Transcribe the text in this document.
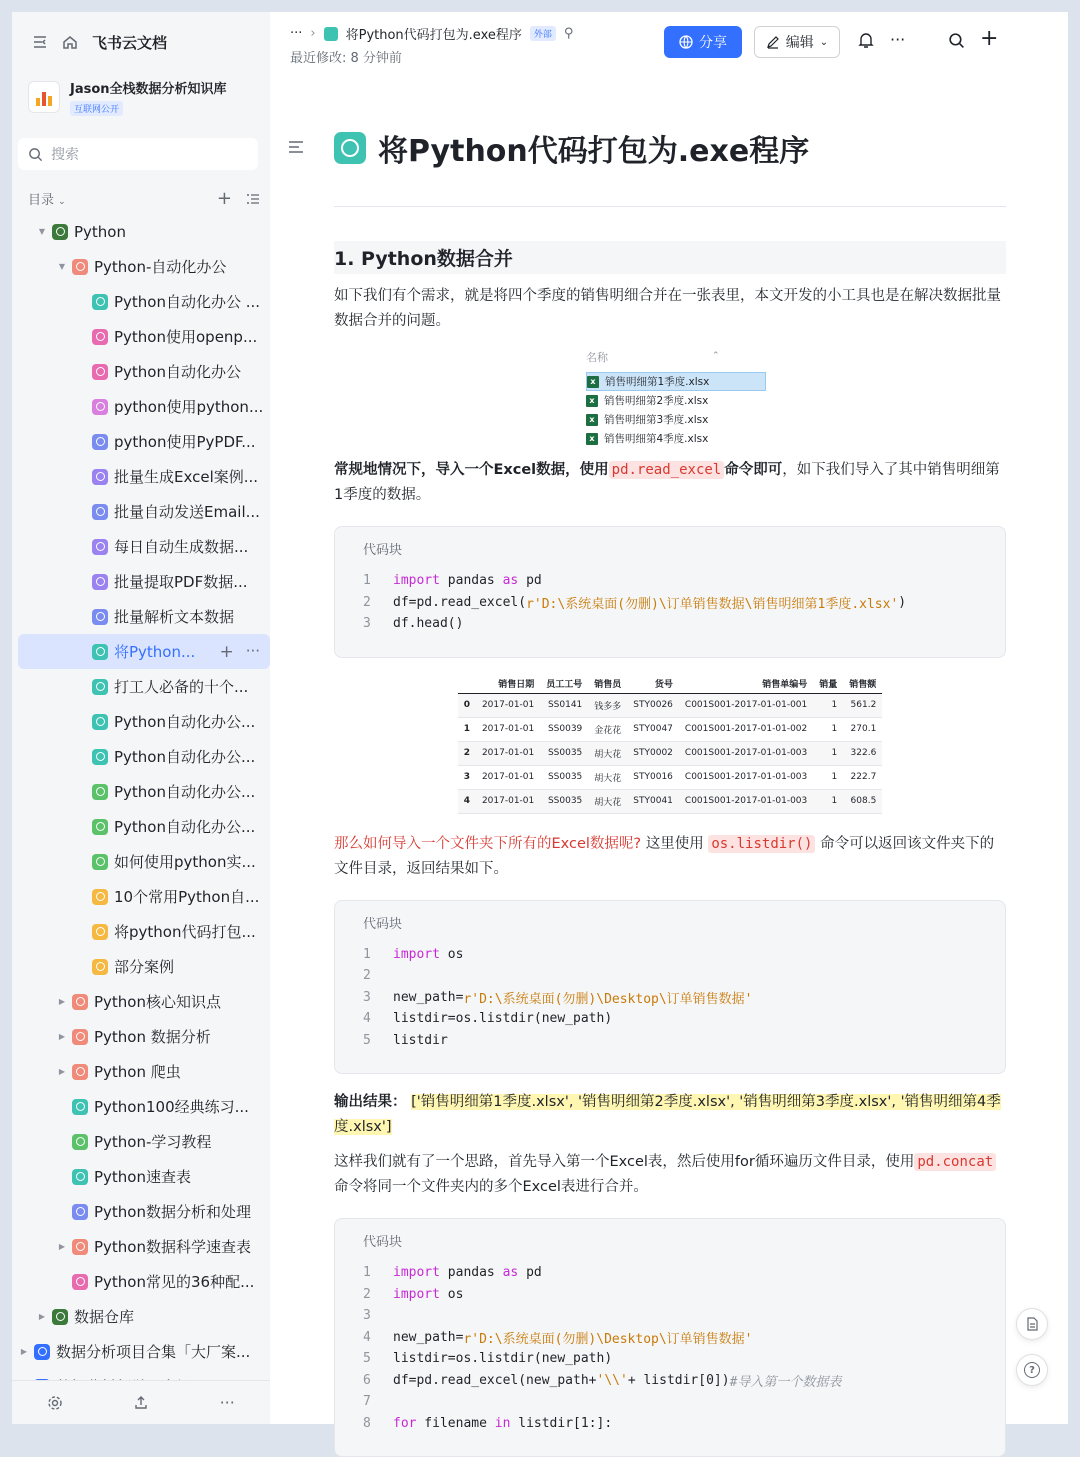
飞书云文档
Jason全栈数据分析知识库
互联网公开
搜索
目录 ⌄	+
▼ Python
▼ Python-自动化办公
Python自动化办公 ...
Python使用openp...
Python自动化办公
python使用python...
python使用PyPDF...
批量生成Excel案例...
批量自动发送Email...
每日自动生成数据...
批量提取PDF数据...
批量解析文本数据
将Python... + ···
打工人必备的十个...
Python自动化办公...
Python自动化办公...
Python自动化办公...
Python自动化办公...
如何使用python实...
10个常用Python自...
将python代码打包...
部分案例
▶ Python核心知识点
▶ Python 数据分析
▶ Python 爬虫
Python100经典练习...
Python-学习教程
Python速查表
Python数据分析和处理
▶ Python数据科学速查表
Python常见的36种配...
▶ 数据仓库
▶ 数据分析项目合集「大厂案...
···
··· › 将Python代码打包为.exe程序	外部 ⚲
最近修改: 8 分钟前
分享	编辑 ⌄	···	+
将Python代码打包为.exe程序
1. Python数据合并

如下我们有个需求，就是将四个季度的销售明细合并在一张表里，本文开发的小工具也是在解决数据批量数据合并的问题。

名称	⌃
x 销售明细第1季度.xlsx
x 销售明细第2季度.xlsx
x 销售明细第3季度.xlsx
x 销售明细第4季度.xlsx

常规地情况下，导入一个Excel数据，使用 pd.read_excel 命令即可，如下我们导入了其中销售明细第1季度的数据。

代码块
1	import pandas as pd
2	df=pd.read_excel( r'D:\系统桌面(勿删)\订单销售数据\销售明细第1季度.xlsx' )
3	df.head()
	销售日期	员工工号	销售员	货号	销售单编号	销量	销售额
0	2017-01-01	SS0141	钱多多	STY0026	C001S001-2017-01-01-001	1	561.2
1	2017-01-01	SS0039	金花花	STY0047	C001S001-2017-01-01-002	1	270.1
2	2017-01-01	SS0035	胡大花	STY0002	C001S001-2017-01-01-003	1	322.6
3	2017-01-01	SS0035	胡大花	STY0016	C001S001-2017-01-01-003	1	222.7
4	2017-01-01	SS0035	胡大花	STY0041	C001S001-2017-01-01-003	1	608.5

那么如何导入一个文件夹下所有的Excel数据呢? 这里使用 os.listdir() 命令可以返回该文件夹下的文件目录，返回结果如下。

代码块
1	import os
2
3	new_path= r'D:\系统桌面(勿删)\Desktop\订单销售数据'
4	listdir=os.listdir(new_path)
5	listdir

输出结果： ['销售明细第1季度.xlsx', '销售明细第2季度.xlsx', '销售明细第3季度.xlsx', '销售明细第4季度.xlsx']

这样我们就有了一个思路，首先导入第一个Excel表，然后使用for循环遍历文件目录，使用 pd.concat 命令将同一个文件夹内的多个Excel表进行合并。

代码块
1	import pandas as pd
2	import os
3
4	new_path= r'D:\系统桌面(勿删)\Desktop\订单销售数据'
5	listdir=os.listdir(new_path)
6	df=pd.read_excel(new_path+ '\\' + listdir[0]) #导入第一个数据表
7
8	for filename in listdir[1:]:
?
